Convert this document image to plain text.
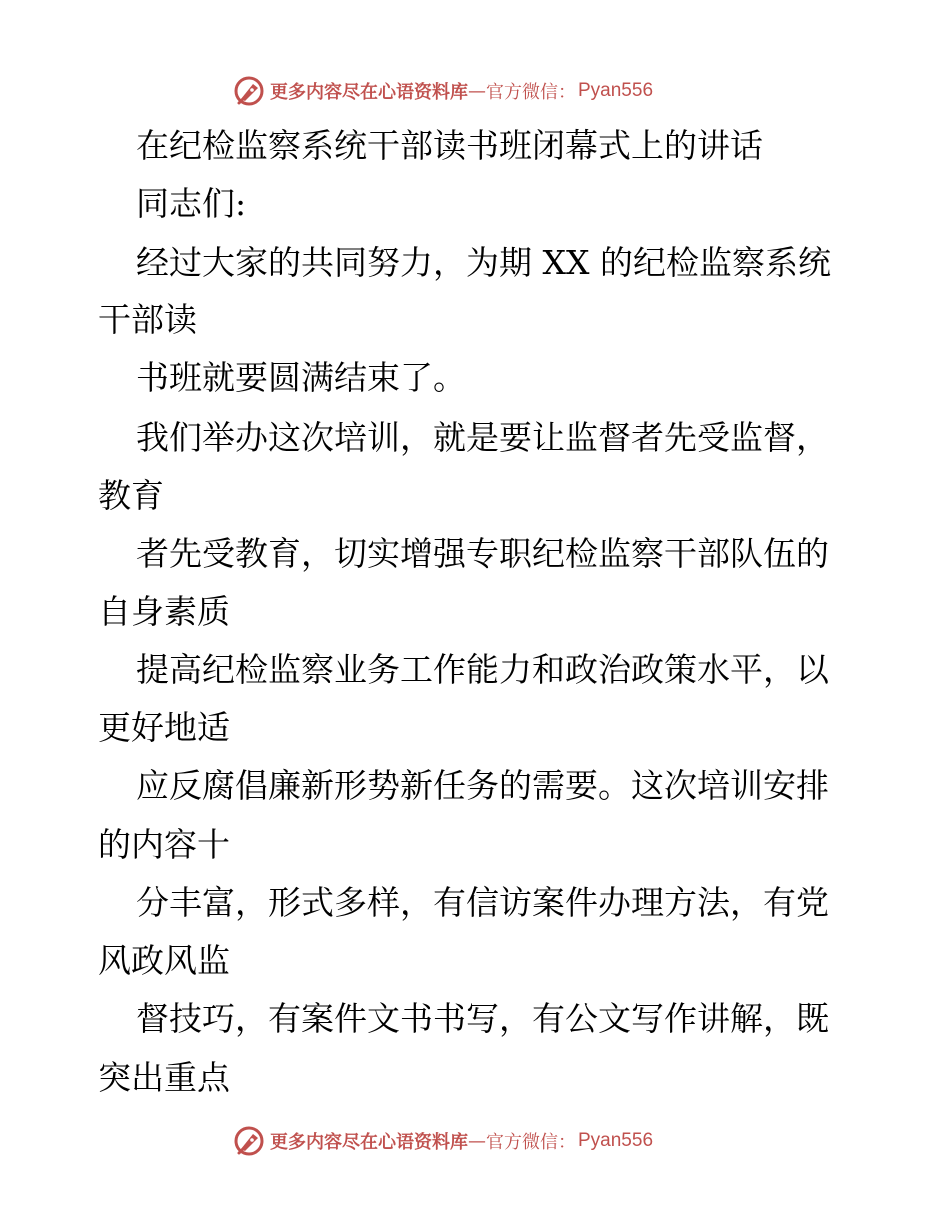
更多内容尽在心语资料库 — 官方微信： Pyan556
在纪检监察系统干部读书班闭幕式上的讲话
同志们:
经过大家的共同努力，为期 XX 的纪检监察系统
干部读
书班就要圆满结束了。
我们举办这次培训，就是要让监督者先受监督，
教育
者先受教育，切实增强专职纪检监察干部队伍的
自身素质
提高纪检监察业务工作能力和政治政策水平，以
更好地适
应反腐倡廉新形势新任务的需要。这次培训安排
的内容十
分丰富，形式多样，有信访案件办理方法，有党
风政风监
督技巧，有案件文书书写，有公文写作讲解，既
突出重点
更多内容尽在心语资料库 — 官方微信： Pyan556
